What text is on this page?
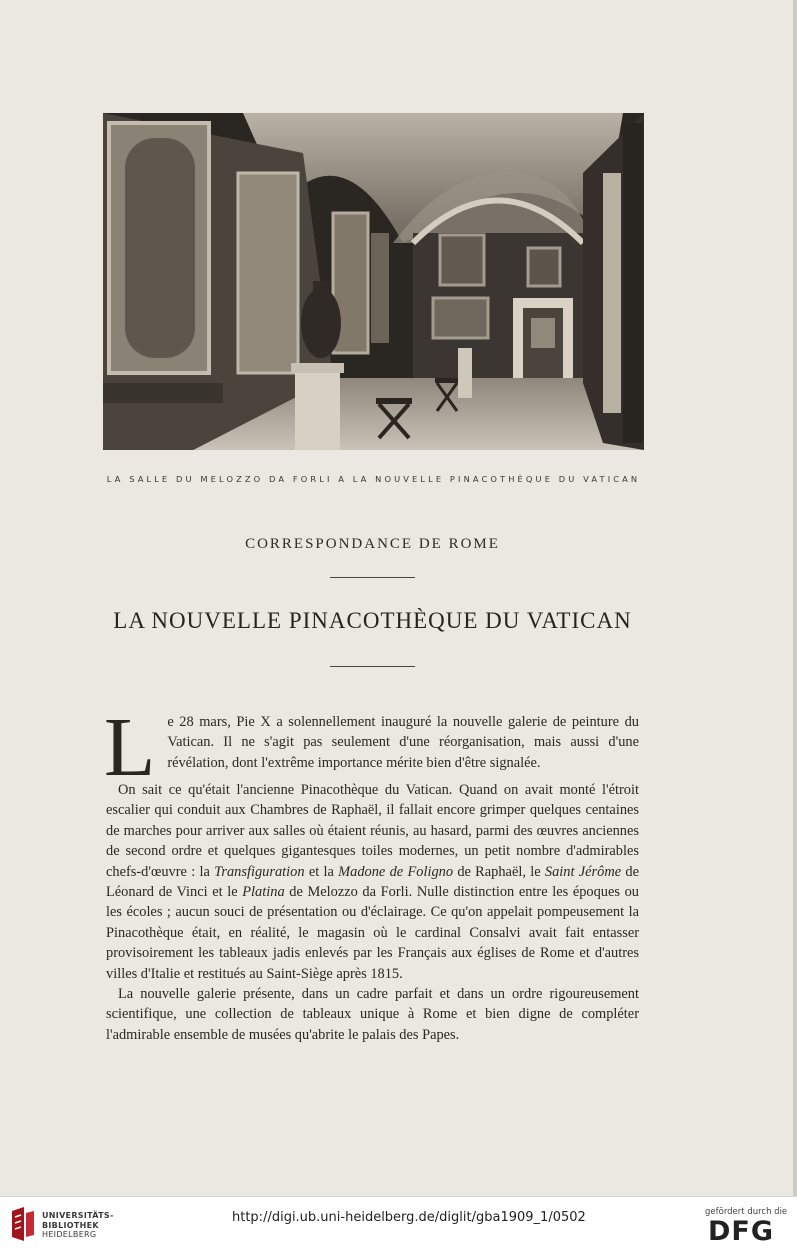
LA SALLE DU MELOZZO DA FORLI A LA NOUVELLE PINACOTHÈQUE DU VATICAN
CORRESPONDANCE DE ROME
LA NOUVELLE PINACOTHÈQUE DU VATICAN

Le 28 mars, Pie X a solennellement inauguré la nouvelle galerie de peinture du Vatican. Il ne s'agit pas seulement d'une réorganisation, mais aussi d'une révélation, dont l'extrême importance mérite bien d'être signalée.

On sait ce qu'était l'ancienne Pinacothèque du Vatican. Quand on avait monté l'étroit escalier qui conduit aux Chambres de Raphaël, il fallait encore grimper quelques centaines de marches pour arriver aux salles où étaient réunis, au hasard, parmi des œuvres anciennes de second ordre et quelques gigantesques toiles modernes, un petit nombre d'admirables chefs-d'œuvre : la Transfiguration et la Madone de Foligno de Raphaël, le Saint Jérôme de Léonard de Vinci et le Platina de Melozzo da Forli. Nulle distinction entre les époques ou les écoles ; aucun souci de présentation ou d'éclairage. Ce qu'on appelait pompeusement la Pinacothèque était, en réalité, le magasin où le cardinal Consalvi avait fait entasser provisoirement les tableaux jadis enlevés par les Français aux églises de Rome et d'autres villes d'Italie et restitués au Saint-Siège après 1815.

La nouvelle galerie présente, dans un cadre parfait et dans un ordre rigoureusement scientifique, une collection de tableaux unique à Rome et bien digne de compléter l'admirable ensemble de musées qu'abrite le palais des Papes.

UNIVERSITÄTS-
BIBLIOTHEK
HEIDELBERG
http://digi.ub.uni-heidelberg.de/diglit/gba1909_1/0502	gefördert durch die
DFG
